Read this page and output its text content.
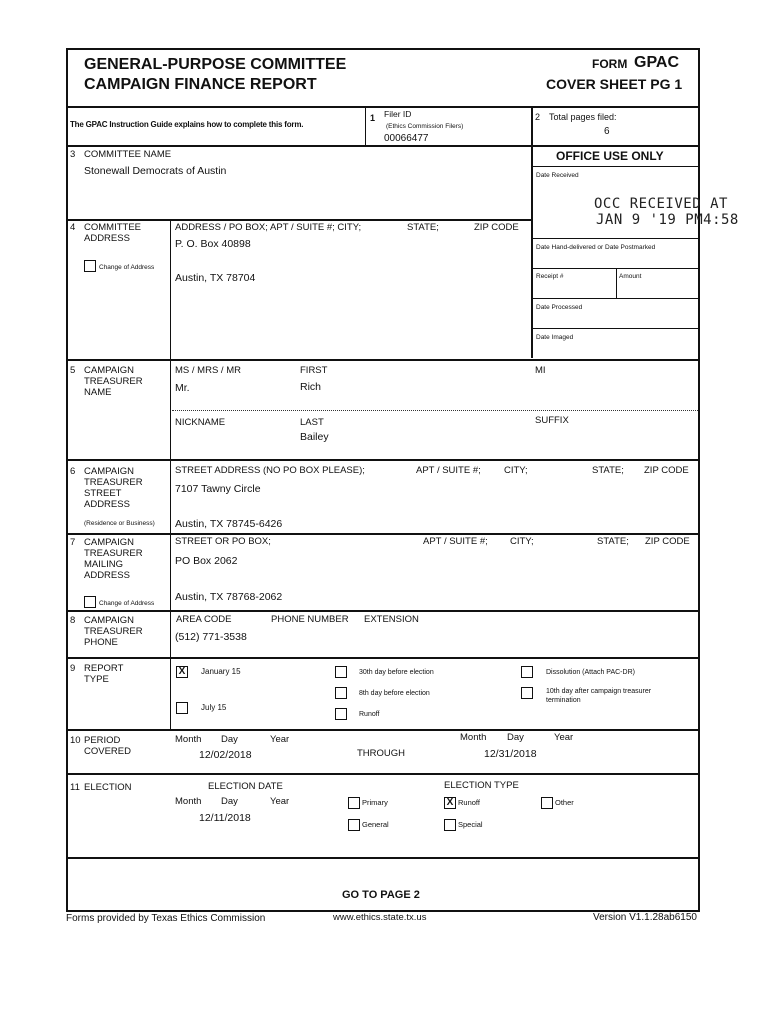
GENERAL-PURPOSE COMMITTEE
CAMPAIGN FINANCE REPORT
FORM GPAC
COVER SHEET PG 1
The GPAC Instruction Guide explains how to complete this form.
1 Filer ID
(Ethics Commission Filers)
00066477
2 Total pages filed:
6
OFFICE USE ONLY
Date Received
OCC RECEIVED AT
JAN 9 '19 PM4:58
Date Hand-delivered or Date Postmarked
Receipt #	Amount
Date Processed
Date Imaged
3 COMMITTEE NAME
Stonewall Democrats of Austin
4 COMMITTEE
ADDRESS
Change of Address
ADDRESS / PO BOX; APT / SUITE #; CITY;	STATE;	ZIP CODE
P. O. Box 40898
Austin, TX 78704
5 CAMPAIGN
TREASURER
NAME
MS / MRS / MR
Mr.
FIRST
Rich
MI
NICKNAME	LAST
Bailey
SUFFIX
6 CAMPAIGN
TREASURER
STREET
ADDRESS
(Residence or Business)
STREET ADDRESS (NO PO BOX PLEASE);	APT / SUITE #; CITY;	STATE; ZIP CODE
7107 Tawny Circle
Austin, TX 78745-6426
7 CAMPAIGN
TREASURER
MAILING
ADDRESS
Change of Address
STREET OR PO BOX;	APT / SUITE #; CITY;	STATE; ZIP CODE
PO Box 2062
Austin, TX 78768-2062
8 CAMPAIGN
TREASURER
PHONE
AREA CODE	PHONE NUMBER EXTENSION
(512) 771-3538
9 REPORT
TYPE
X	January 15
July 15
30th day before election
8th day before election
Runoff
Dissolution (Attach PAC-DR)
10th day after campaign treasurer
termination
10 PERIOD
COVERED
Month Day	Year
12/02/2018	THROUGH
Month Day	Year
12/31/2018
11 ELECTION	ELECTION DATE
Month Day	Year
12/11/2018
ELECTION TYPE
Primary	X Runoff	Other
General	Special
GO TO PAGE 2
Forms provided by Texas Ethics Commission	www.ethics.state.tx.us	Version V1.1.28ab6150
